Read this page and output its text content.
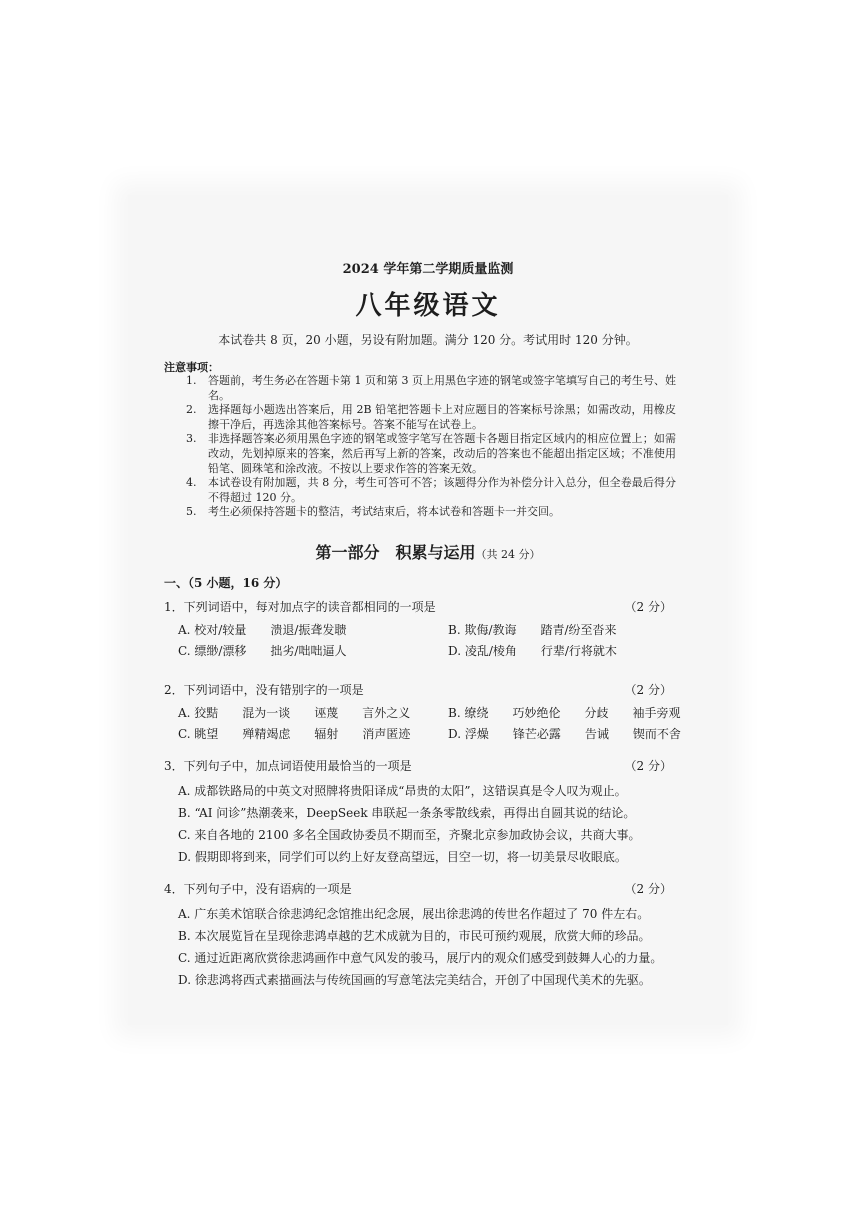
2024 学年第二学期质量监测
八年级语文
本试卷共 8 页，20 小题，另设有附加题。满分 120 分。考试用时 120 分钟。
注意事项：
1.	答题前，考生务必在答题卡第 1 页和第 3 页上用黑色字迹的钢笔或签字笔填写自己的考生号、姓名。
2.	选择题每小题选出答案后，用 2B 铅笔把答题卡上对应题目的答案标号涂黑；如需改动，用橡皮擦干净后，再选涂其他答案标号。答案不能写在试卷上。
3.	非选择题答案必须用黑色字迹的钢笔或签字笔写在答题卡各题目指定区域内的相应位置上；如需改动，先划掉原来的答案，然后再写上新的答案，改动后的答案也不能超出指定区域；不准使用铅笔、圆珠笔和涂改液。不按以上要求作答的答案无效。
4.	本试卷设有附加题，共 8 分，考生可答可不答；该题得分作为补偿分计入总分，但全卷最后得分不得超过 120 分。
5.	考生必须保持答题卡的整洁，考试结束后，将本试卷和答题卡一并交回。
第一部分　积累与运用（共 24 分）
一、（5 小题，16 分）
1．下列词语中，每对加点字的读音都相同的一项是	（2 分）
A. 校对/较量　　溃退/振聋发聩	B. 欺侮/教诲　　踏青/纷至沓来
C. 缥缈/漂移　　拙劣/咄咄逼人	D. 凌乱/棱角　　行辈/行将就木
2．下列词语中，没有错别字的一项是	（2 分）
A. 狡黠　　混为一谈　　诬蔑　　言外之义	B. 缭绕　　巧妙绝伦　　分歧　　袖手旁观
C. 眺望　　殚精竭虑　　辐射　　消声匿迹	D. 浮燥　　锋芒必露　　告诫　　锲而不舍
3．下列句子中，加点词语使用最恰当的一项是	（2 分）
A. 成都铁路局的中英文对照牌将贵阳译成“昂贵的太阳”，这错误真是令人叹为观止。
B. “AI 问诊”热潮袭来，DeepSeek 串联起一条条零散线索，再得出自圆其说的结论。
C. 来自各地的 2100 多名全国政协委员不期而至，齐聚北京参加政协会议，共商大事。
D. 假期即将到来，同学们可以约上好友登高望远，目空一切，将一切美景尽收眼底。
4．下列句子中，没有语病的一项是	（2 分）
A. 广东美术馆联合徐悲鸿纪念馆推出纪念展，展出徐悲鸿的传世名作超过了 70 件左右。
B. 本次展览旨在呈现徐悲鸿卓越的艺术成就为目的，市民可预约观展，欣赏大师的珍品。
C. 通过近距离欣赏徐悲鸿画作中意气风发的骏马，展厅内的观众们感受到鼓舞人心的力量。
D. 徐悲鸿将西式素描画法与传统国画的写意笔法完美结合，开创了中国现代美术的先驱。
